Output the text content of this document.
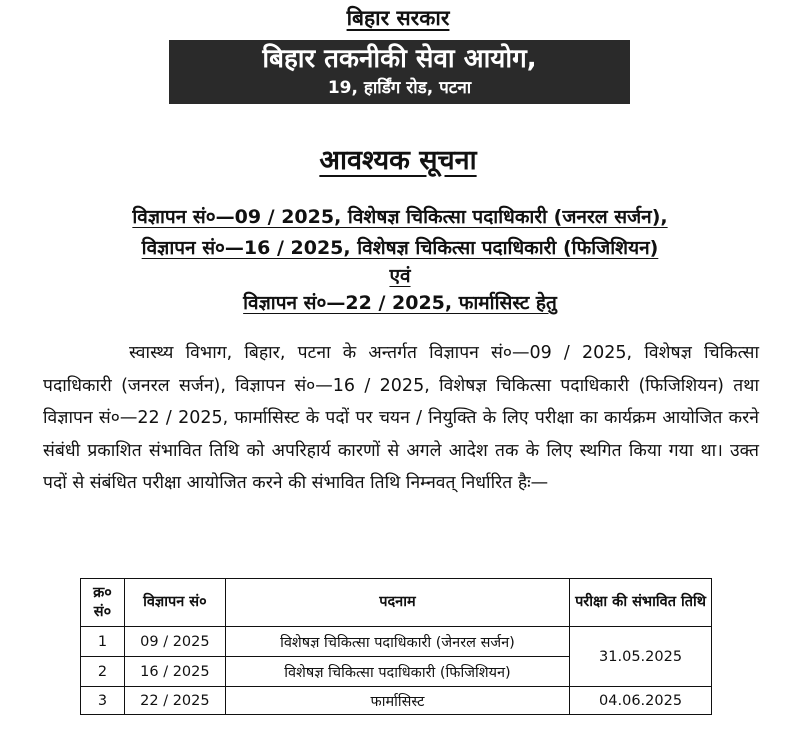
बिहार सरकार
बिहार तकनीकी सेवा आयोग,
19, हार्डिंग रोड, पटना
आवश्यक सूचना
विज्ञापन सं०—09 / 2025, विशेषज्ञ चिकित्सा पदाधिकारी (जनरल सर्जन),
विज्ञापन सं०—16 / 2025, विशेषज्ञ चिकित्सा पदाधिकारी (फिजिशियन)
एवं
विज्ञापन सं०—22 / 2025, फार्मासिस्ट हेतु
स्वास्थ्य विभाग, बिहार, पटना के अन्तर्गत विज्ञापन सं०—09 / 2025, विशेषज्ञ चिकित्सा पदाधिकारी (जनरल सर्जन), विज्ञापन सं०—16 / 2025, विशेषज्ञ चिकित्सा पदाधिकारी (फिजिशियन) तथा विज्ञापन सं०—22 / 2025, फार्मासिस्ट के पदों पर चयन / नियुक्ति के लिए परीक्षा का कार्यक्रम आयोजित करने संबंधी प्रकाशित संभावित तिथि को अपरिहार्य कारणों से अगले आदेश तक के लिए स्थगित किया गया था। उक्त पदों से संबंधित परीक्षा आयोजित करने की संभावित तिथि निम्नवत् निर्धारित हैः—
क्र० सं०	विज्ञापन सं०	पदनाम	परीक्षा की संभावित तिथि
1	09 / 2025	विशेषज्ञ चिकित्सा पदाधिकारी (जेनरल सर्जन)	31.05.2025
2	16 / 2025	विशेषज्ञ चिकित्सा पदाधिकारी (फिजिशियन)	
3	22 / 2025	फार्मासिस्ट	04.06.2025
